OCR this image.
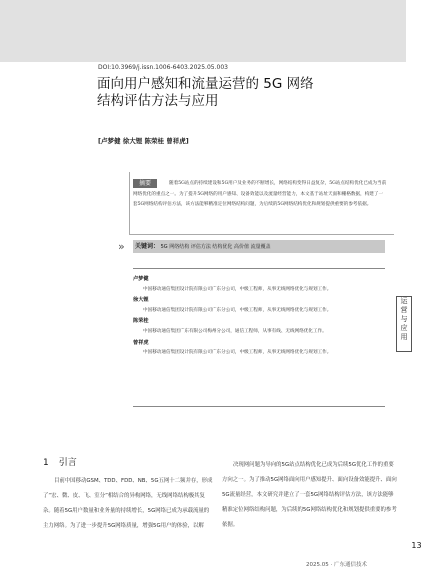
DOI:10.3969/j.issn.1006-6403.2025.05.003
面向用户感知和流量运营的 5G 网络
结构评估方法与应用
[卢梦健 徐大锂 陈荣桂 曾祥虎]
随着5G站点的持续建设和5G用户及业务的不断增长，网络结构变得日益复杂，5G站点结构优化已成为当前网络优化的重点之一。为了提升5G网络的用户感知、设备效能以及流量经营能力，本文基于站址天面和栅格数据，构建了一套5G网络结构评估方法，该方法能够精准定位网络结构问题，为后续的5G网络结构优化和规划提供重要的参考依据。
摘要
»	关键词： 5G 网络结构 评估方法 结构优化 高价值 流量覆盖
卢梦健
中国移动通信集团设计院有限公司广东分公司，中级工程师，从事无线网络优化与规划工作。
徐大锂
中国移动通信集团设计院有限公司广东分公司，中级工程师，从事无线网络优化与规划工作。
陈荣桂
中国移动通信集团广东有限公司梅州分公司，通信工程师，从事有线、无线网络优化工作。
曾祥虎
中国移动通信集团设计院有限公司广东分公司，中级工程师，从事无线网络优化与规划工作。
运
营
与
应
用
1 引言
目前中国移动GSM、TDD、FDD、NB、5G五网十二频并存，形成了“宏、微、皮、飞、室分”相结合的异构网络，无线网络结构极其复杂。随着5G用户数量和业务量的持续增长，5G网络已成为承载流量的主力网络。为了进一步提升5G网络质量，增强5G用户的体验，以解
决现网问题为导向的5G站点结构优化已成为后续5G优化工作的重要方向之一。为了推动5G网络面向用户感知提升、面向设备效能提升、面向5G流量经营，本文研究并建立了一套5G网络结构评估方法，该方法能够精准定位网络结构问题，为后续的5G网络结构优化和规划提供重要的参考依据。
13
2025.05 · 广东通信技术
